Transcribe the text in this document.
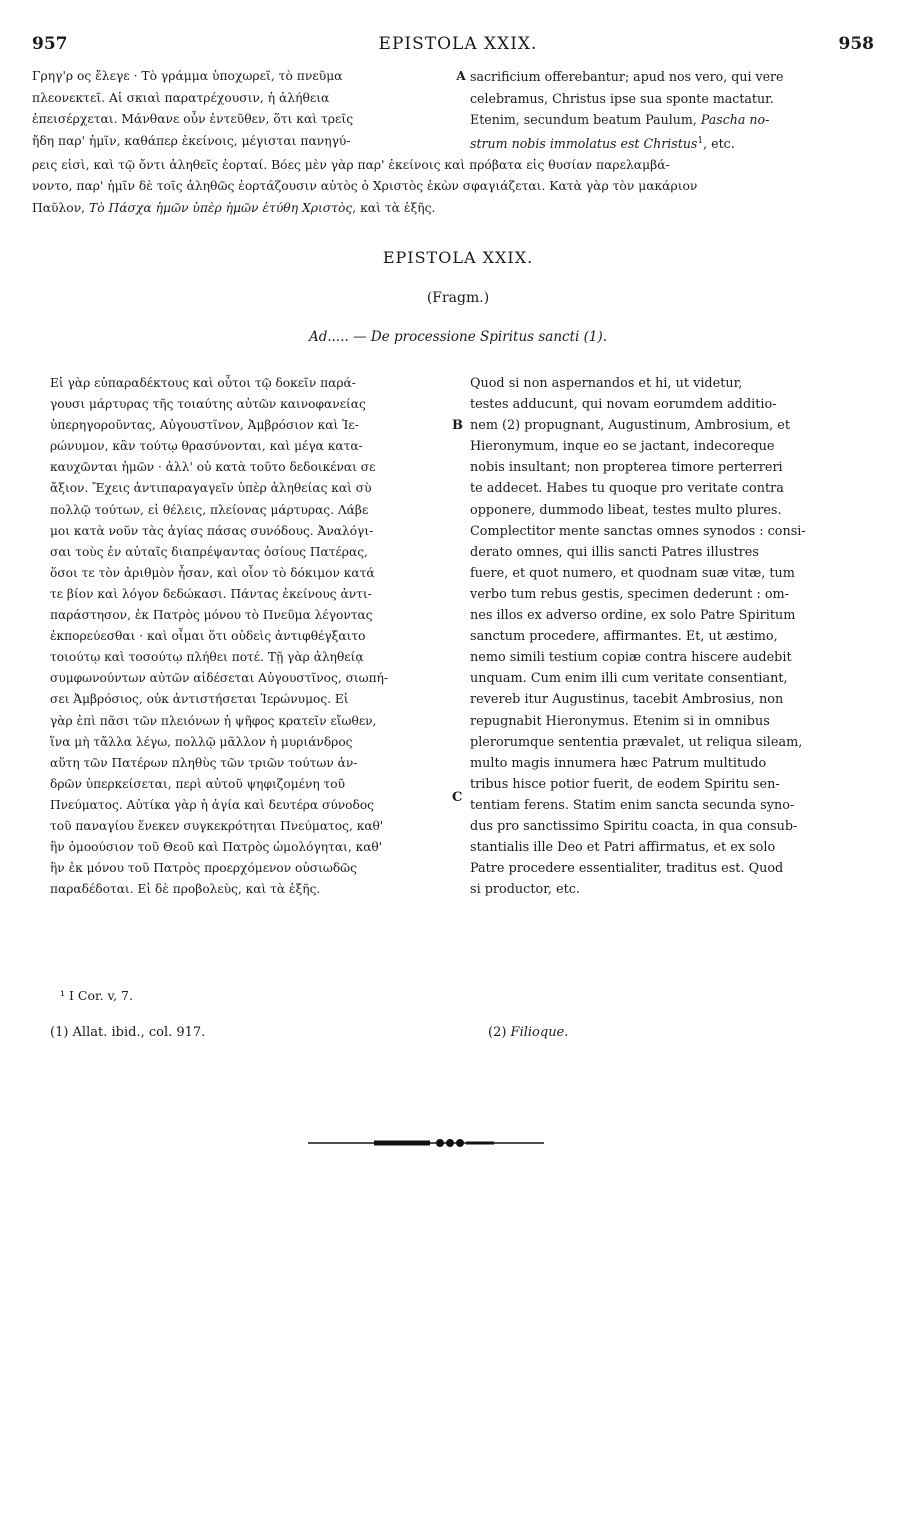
957	EPISTOLA XXIX.	958

Γρηγ'ρ ος ἔλεγε · Τὸ γράμμα ὑποχωρεῖ, τὸ πνεῦμα

πλεονεκτεῖ. Αἱ σκιαὶ παρατρέχουσιν, ἡ ἀλήθεια

ἐπεισέρχεται. Μάνθανε οὖν ἐντεῦθεν, ὅτι καὶ τρεῖς

ἤδη παρ' ἡμῖν, καθάπερ ἐκείνοις, μέγισται πανηγύ-

A sacrificium offerebantur; apud nos vero, qui vere

celebramus, Christus ipse sua sponte mactatur.

Etenim, secundum beatum Paulum, Pascha no-

strum nobis immolatus est Christus$^1$, etc.

ρεις εἰσὶ, καὶ τῷ ὄντι ἀληθεῖς ἑορταί. Βόες μὲν γὰρ παρ' ἐκείνοις καὶ πρόβατα εἰς θυσίαν παρελαμβά-

νοντο, παρ' ἡμῖν δὲ τοῖς ἀληθῶς ἑορτάζουσιν αὐτὸς ὁ Χριστὸς ἑκὼν σφαγιάζεται. Κατὰ γὰρ τὸν μακάριον

Παῦλον, Τὸ Πάσχα ἡμῶν ὑπὲρ ἡμῶν ἐτύθη Χριστὸς, καὶ τὰ ἑξῆς.

EPISTOLA XXIX.
(Fragm.)
Ad..... — De processione Spiritus sancti (1).

Εἰ γὰρ εὐπαραδέκτους καὶ οὗτοι τῷ δοκεῖν παρά-

γουσι μάρτυρας τῆς τοιαύτης αὐτῶν καινοφανείας

ὑπερηγοροῦντας, Αὐγουστῖνον, Ἀμβρόσιον καὶ Ἱε-

ρώνυμον, κἂν τούτῳ θρασύνονται, καὶ μέγα κατα-

καυχῶνται ἡμῶν · ἀλλ' οὐ κατὰ τοῦτο δεδοικέναι σε

ἄξιον. Ἔχεις ἀντιπαραγαγεῖν ὑπὲρ ἀληθείας καὶ σὺ

πολλῷ τούτων, εἰ θέλεις, πλείονας μάρτυρας. Λάβε

μοι κατὰ νοῦν τὰς ἁγίας πάσας συνόδους. Ἀναλόγι-

σαι τοὺς ἐν αὐταῖς διαπρέψαντας ὁσίους Πατέρας,

ὅσοι τε τὸν ἀριθμὸν ἦσαν, καὶ οἷον τὸ δόκιμον κατά

τε βίον καὶ λόγον δεδώκασι. Πάντας ἐκείνους ἀντι-

παράστησον, ἐκ Πατρὸς μόνου τὸ Πνεῦμα λέγοντας

ἐκπορεύεσθαι · καὶ οἶμαι ὅτι οὐδεὶς ἀντιφθέγξαιτο

τοιούτῳ καὶ τοσούτῳ πλήθει ποτέ. Τῇ γὰρ ἀληθείᾳ

συμφωνούντων αὐτῶν αἰδέσεται Αὐγουστῖνος, σιωπή-

σει Ἀμβρόσιος, οὐκ ἀντιστήσεται Ἱερώνυμος. Εἰ

γὰρ ἐπὶ πᾶσι τῶν πλειόνων ἡ ψῆφος κρατεῖν εἴωθεν,

ἵνα μὴ τἄλλα λέγω, πολλῷ μᾶλλον ἡ μυριάνδρος

αὕτη τῶν Πατέρων πληθὺς τῶν τριῶν τούτων ἀν-

δρῶν ὑπερκείσεται, περὶ αὐτοῦ ψηφιζομένη τοῦ

Πνεύματος. Αὐτίκα γὰρ ἡ ἁγία καὶ δευτέρα σύνοδος

τοῦ παναγίου ἕνεκεν συγκεκρότηται Πνεύματος, καθ'

ἣν ὁμοούσιον τοῦ Θεοῦ καὶ Πατρὸς ὡμολόγηται, καθ'

ἣν ἐκ μόνου τοῦ Πατρὸς προερχόμενον οὐσιωδῶς

παραδέδοται. Εἰ δὲ προβολεὺς, καὶ τὰ ἑξῆς.

B
C

Quod si non aspernandos et hi, ut videtur,

testes adducunt, qui novam eorumdem additio-

nem (2) propugnant, Augustinum, Ambrosium, et

Hieronymum, inque eo se jactant, indecoreque

nobis insultant; non propterea timore perterreri

te addecet. Habes tu quoque pro veritate contra

opponere, dummodo libeat, testes multo plures.

Complectitor mente sanctas omnes synodos : consi-

derato omnes, qui illis sancti Patres illustres

fuere, et quot numero, et quodnam suæ vitæ, tum

verbo tum rebus gestis, specimen dederunt : om-

nes illos ex adverso ordine, ex solo Patre Spiritum

sanctum procedere, affirmantes. Et, ut æstimo,

nemo simili testium copiæ contra hiscere audebit

unquam. Cum enim illi cum veritate consentiant,

revereb itur Augustinus, tacebit Ambrosius, non

repugnabit Hieronymus. Etenim si in omnibus

plerorumque sententia prævalet, ut reliqua sileam,

multo magis innumera hæc Patrum multitudo

tribus hisce potior fuerit, de eodem Spiritu sen-

tentiam ferens. Statim enim sancta secunda syno-

dus pro sanctissimo Spiritu coacta, in qua consub-

stantialis ille Deo et Patri affirmatus, et ex solo

Patre procedere essentialiter, traditus est. Quod

si productor, etc.

¹ I Cor. v, 7.
(1) Allat. ibid., col. 917.	(2) Filioque.
